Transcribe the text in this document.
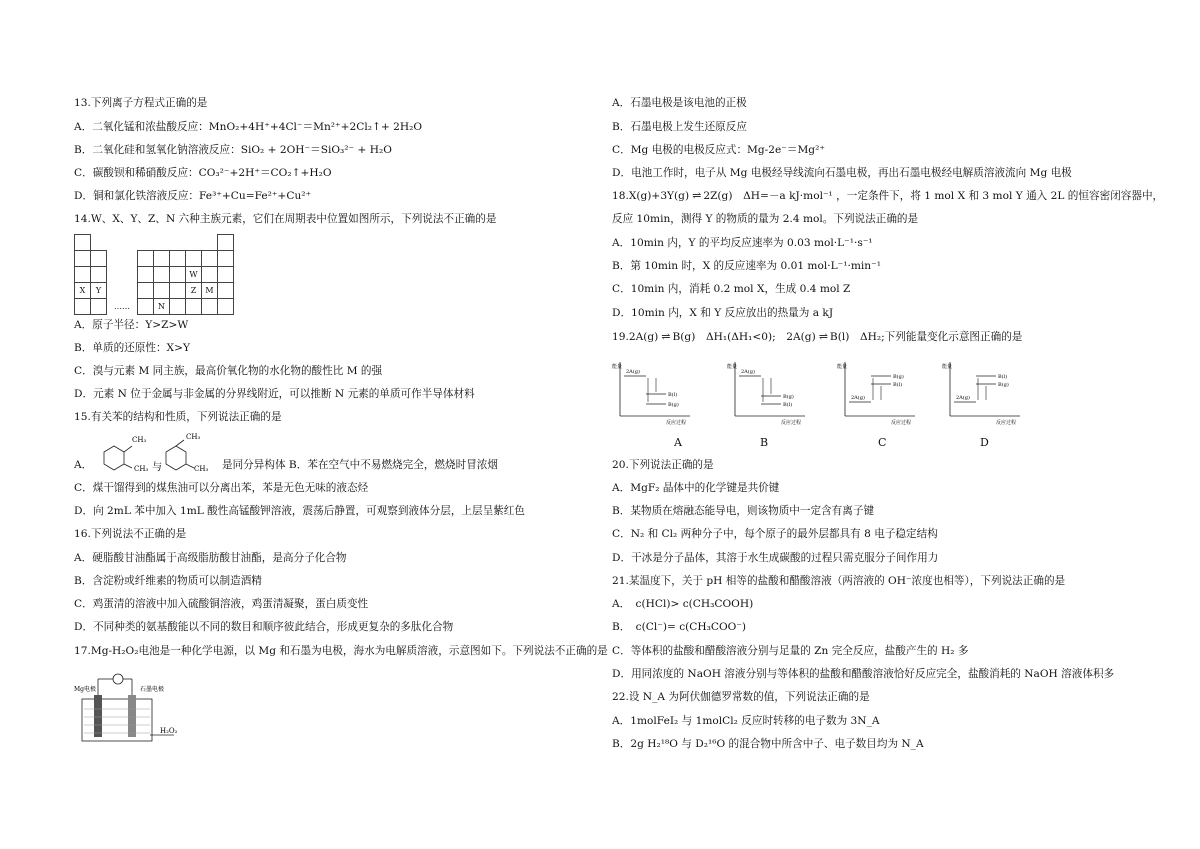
13.下列离子方程式正确的是
A．二氧化锰和浓盐酸反应：MnO₂+4H⁺+4Cl⁻＝Mn²⁺+2Cl₂↑+ 2H₂O
B．二氧化硅和氢氧化钠溶液反应：SiO₂ + 2OH⁻＝SiO₃²⁻ + H₂O
C．碳酸钡和稀硝酸反应：CO₃²⁻+2H⁺＝CO₂↑+H₂O
D．铜和氯化铁溶液反应：Fe³⁺+Cu=Fe²⁺+Cu²⁺
14.W、X、Y、Z、N 六种主族元素，它们在周期表中位置如图所示，下列说法不正确的是

							W		
X	Y						Z	M	
		……			N				
A．原子半径：Y>Z>W
B．单质的还原性：X>Y
C．溴与元素 M 同主族，最高价氧化物的水化物的酸性比 M 的强
D．元素 N 位于金属与非金属的分界线附近，可以推断 N 元素的单质可作半导体材料
15.有关苯的结构和性质，下列说法正确的是
A．
CH₃
CH₃ 与
CH₃
CH₃ 是同分异构体 B．苯在空气中不易燃烧完全，燃烧时冒浓烟
C．煤干馏得到的煤焦油可以分离出苯，苯是无色无味的液态烃
D．向 2mL 苯中加入 1mL 酸性高锰酸钾溶液，震荡后静置，可观察到液体分层，上层呈紫红色
16.下列说法不正确的是
A．硬脂酸甘油酯属于高级脂肪酸甘油酯，是高分子化合物
B．含淀粉或纤维素的物质可以制造酒精
C．鸡蛋清的溶液中加入硫酸铜溶液，鸡蛋清凝聚，蛋白质变性
D．不同种类的氨基酸能以不同的数目和顺序彼此结合，形成更复杂的多肽化合物
17.Mg-H₂O₂电池是一种化学电源，以 Mg 和石墨为电极，海水为电解质溶液，示意图如下。下列说法不正确的是
Mg电极	石墨电极
H₂O₂
A．石墨电极是该电池的正极
B．石墨电极上发生还原反应
C．Mg 电极的电极反应式：Mg-2e⁻＝Mg²⁺
D．电池工作时，电子从 Mg 电极经导线流向石墨电极，再出石墨电极经电解质溶液流向 Mg 电极
18.X(g)+3Y(g) ⇌ 2Z(g)　ΔH=－a kJ·mol⁻¹ ，一定条件下，将 1 mol X 和 3 mol Y 通入 2L 的恒容密闭容器中，
反应 10min，测得 Y 的物质的量为 2.4 mol。下列说法正确的是
A．10min 内，Y 的平均反应速率为 0.03 mol·L⁻¹·s⁻¹
B．第 10min 时，X 的反应速率为 0.01 mol·L⁻¹·min⁻¹
C．10min 内，消耗 0.2 mol X，生成 0.4 mol Z
D．10min 内，X 和 Y 反应放出的热量为 a kJ
19.2A(g) ⇌ B(g)　ΔH₁(ΔH₁<0);　2A(g) ⇌ B(l)　ΔH₂;下列能量变化示意图正确的是
能量
反应过程
2A(g)
B(l)
B(g)
能量
反应过程
2A(g)
B(g)
B(l)
能量
反应过程
2A(g)
B(g)
B(l)
能量
反应过程
2A(g)
B(l)
B(g)
A	B	C	D
20.下列说法正确的是
A．MgF₂ 晶体中的化学键是共价键
B．某物质在熔融态能导电，则该物质中一定含有离子键
C．N₂ 和 Cl₂ 两种分子中，每个原子的最外层都具有 8 电子稳定结构
D．干冰是分子晶体，其溶于水生成碳酸的过程只需克服分子间作用力
21.某温度下，关于 pH 相等的盐酸和醋酸溶液（两溶液的 OH⁻浓度也相等），下列说法正确的是
A．　c(HCl)> c(CH₃COOH)
B．　c(Cl⁻)= c(CH₃COO⁻)
C．等体积的盐酸和醋酸溶液分别与足量的 Zn 完全反应，盐酸产生的 H₂ 多
D．用同浓度的 NaOH 溶液分别与等体积的盐酸和醋酸溶液恰好反应完全，盐酸消耗的 NaOH 溶液体积多
22.设 N_A 为阿伏伽德罗常数的值，下列说法正确的是
A．1molFeI₂ 与 1molCl₂ 反应时转移的电子数为 3N_A
B．2g H₂¹⁸O 与 D₂¹⁶O 的混合物中所含中子、电子数目均为 N_A
